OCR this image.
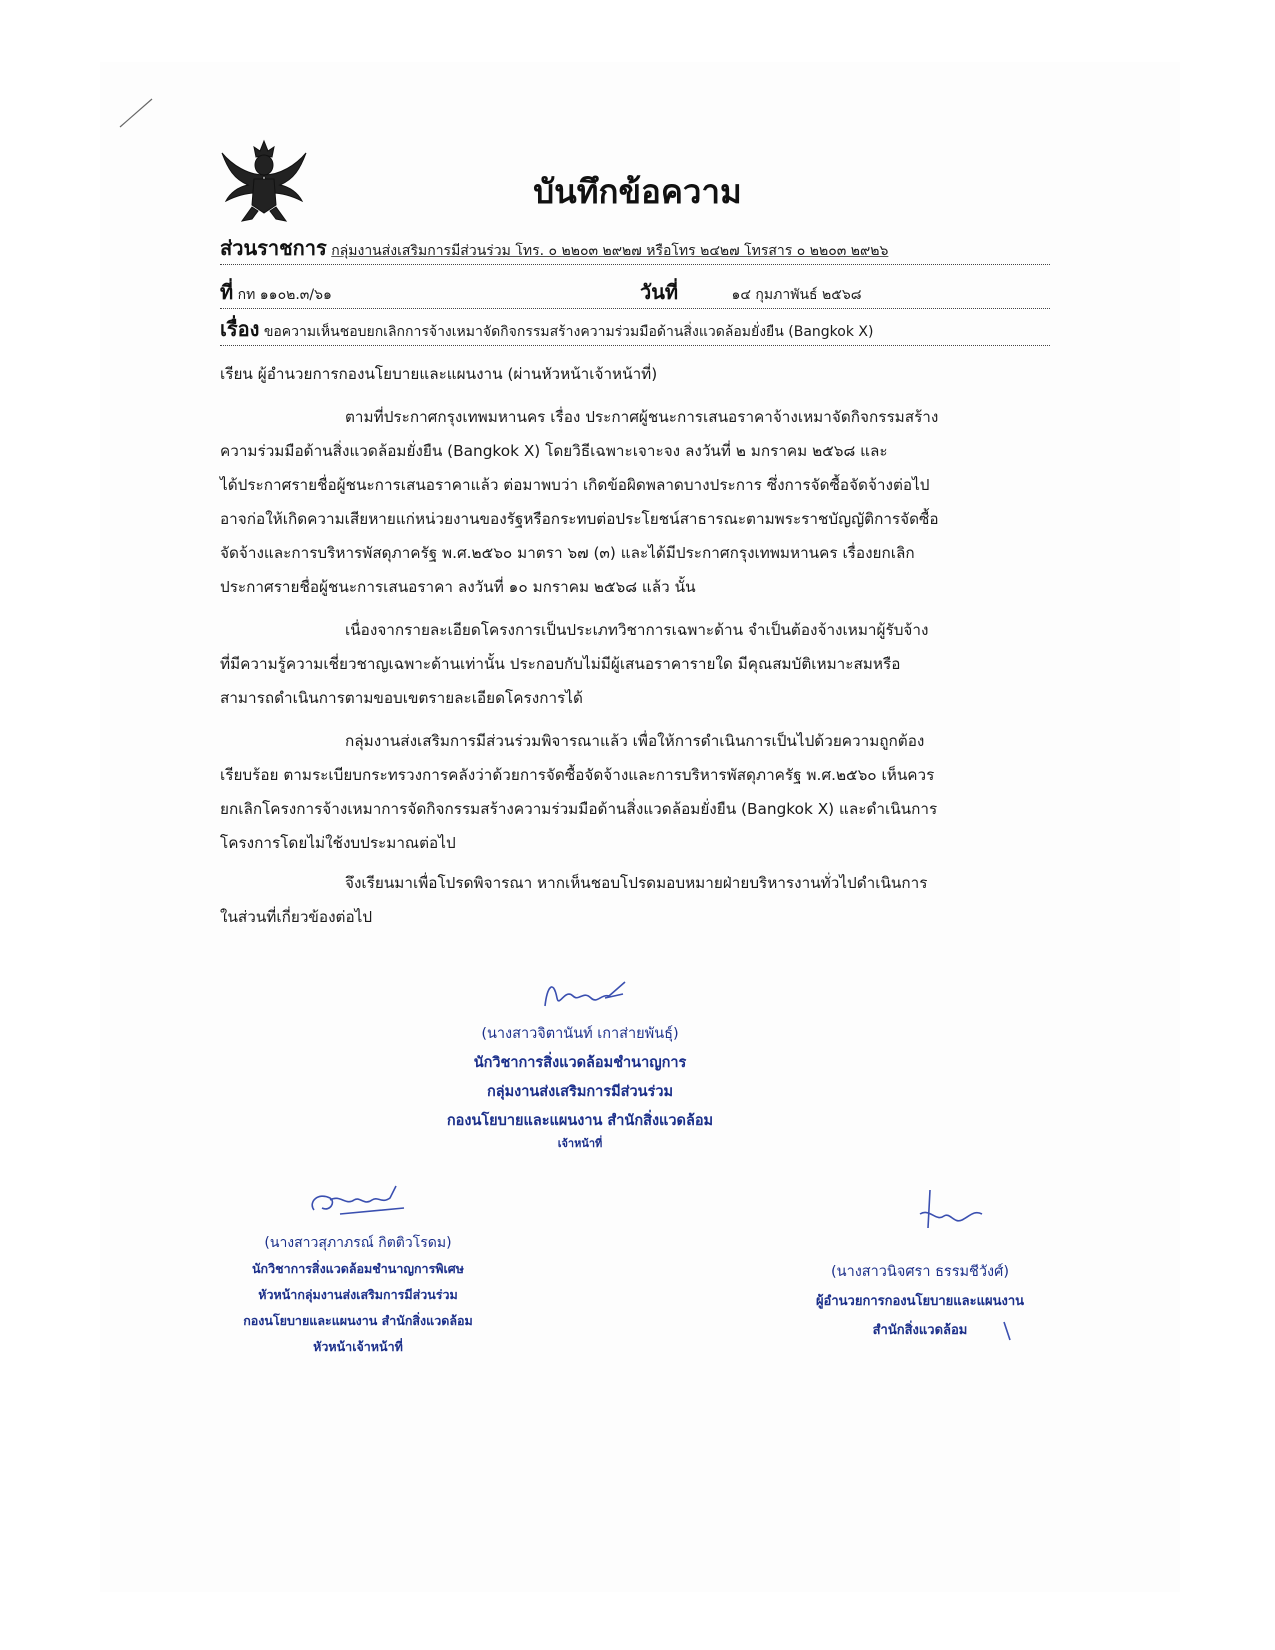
บันทึกข้อความ
ส่วนราชการ กลุ่มงานส่งเสริมการมีส่วนร่วม โทร. ๐ ๒๒๐๓ ๒๙๒๗ หรือโทร ๒๔๒๗ โทรสาร ๐ ๒๒๐๓ ๒๙๒๖
ที่ กท ๑๑๐๒.๓/๖๑	วันที่	๑๔ กุมภาพันธ์ ๒๕๖๘
เรื่อง ขอความเห็นชอบยกเลิกการจ้างเหมาจัดกิจกรรมสร้างความร่วมมือด้านสิ่งแวดล้อมยั่งยืน (Bangkok X)
เรียน ผู้อำนวยการกองนโยบายและแผนงาน (ผ่านหัวหน้าเจ้าหน้าที่)
ตามที่ประกาศกรุงเทพมหานคร เรื่อง ประกาศผู้ชนะการเสนอราคาจ้างเหมาจัดกิจกรรมสร้าง
ความร่วมมือด้านสิ่งแวดล้อมยั่งยืน (Bangkok X) โดยวิธีเฉพาะเจาะจง ลงวันที่ ๒ มกราคม ๒๕๖๘ และ
ได้ประกาศรายชื่อผู้ชนะการเสนอราคาแล้ว ต่อมาพบว่า เกิดข้อผิดพลาดบางประการ ซึ่งการจัดซื้อจัดจ้างต่อไป
อาจก่อให้เกิดความเสียหายแก่หน่วยงานของรัฐหรือกระทบต่อประโยชน์สาธารณะตามพระราชบัญญัติการจัดซื้อ
จัดจ้างและการบริหารพัสดุภาครัฐ พ.ศ.๒๕๖๐ มาตรา ๖๗ (๓) และได้มีประกาศกรุงเทพมหานคร เรื่องยกเลิก
ประกาศรายชื่อผู้ชนะการเสนอราคา ลงวันที่ ๑๐ มกราคม ๒๕๖๘ แล้ว นั้น
เนื่องจากรายละเอียดโครงการเป็นประเภทวิชาการเฉพาะด้าน จำเป็นต้องจ้างเหมาผู้รับจ้าง
ที่มีความรู้ความเชี่ยวชาญเฉพาะด้านเท่านั้น ประกอบกับไม่มีผู้เสนอราคารายใด มีคุณสมบัติเหมาะสมหรือ
สามารถดำเนินการตามขอบเขตรายละเอียดโครงการได้
กลุ่มงานส่งเสริมการมีส่วนร่วมพิจารณาแล้ว เพื่อให้การดำเนินการเป็นไปด้วยความถูกต้อง
เรียบร้อย ตามระเบียบกระทรวงการคลังว่าด้วยการจัดซื้อจัดจ้างและการบริหารพัสดุภาครัฐ พ.ศ.๒๕๖๐ เห็นควร
ยกเลิกโครงการจ้างเหมาการจัดกิจกรรมสร้างความร่วมมือด้านสิ่งแวดล้อมยั่งยืน (Bangkok X) และดำเนินการ
โครงการโดยไม่ใช้งบประมาณต่อไป
จึงเรียนมาเพื่อโปรดพิจารณา หากเห็นชอบโปรดมอบหมายฝ่ายบริหารงานทั่วไปดำเนินการ
ในส่วนที่เกี่ยวข้องต่อไป
(นางสาวจิตานันท์ เกาส่ายพันธุ์)
นักวิชาการสิ่งแวดล้อมชำนาญการ
กลุ่มงานส่งเสริมการมีส่วนร่วม
กองนโยบายและแผนงาน สำนักสิ่งแวดล้อม
เจ้าหน้าที่
(นางสาวสุภาภรณ์ กิตติวโรดม)
นักวิชาการสิ่งแวดล้อมชำนาญการพิเศษ
หัวหน้ากลุ่มงานส่งเสริมการมีส่วนร่วม
กองนโยบายและแผนงาน สำนักสิ่งแวดล้อม
หัวหน้าเจ้าหน้าที่
(นางสาวนิจศรา ธรรมชีวังศ์)
ผู้อำนวยการกองนโยบายและแผนงาน
สำนักสิ่งแวดล้อม
